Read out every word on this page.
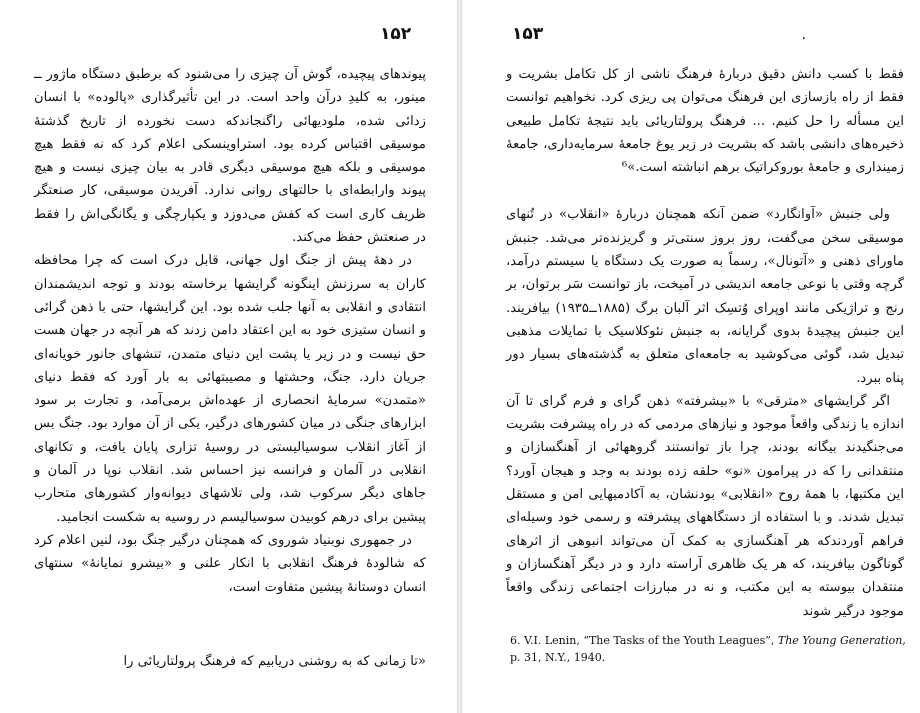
۱۵۲

پیوندهای پیچیده، گوش آن چیزی را می‌شنود که برطبق دستگاه ماژور ــ مینور، به کلیدِ درآن واحد است. در این تأثیرگذاری «پالوده» با انسان زدائی شده، ملودیهائی راگنجاندکه دست نخورده از تاریخ گذشتهٔ موسیقی اقتباس کرده بود. استراوینسکی اعلام کرد که نه فقط هیچ موسیقی و بلکه هیچ موسیقی دیگری قادر به بیان چیزی نیست و هیچ پیوند وارابطه‌ای با حالتهای روانی ندارد. آفریدن موسیقی، کار صنعتگر ظریف کاری است که کفش می‌دوزد و یکپارچگی و یگانگی‌اش را فقط در صنعتش حفظ می‌کند.

در دههٔ پیش از جنگ اول جهانی، قابل درک است که چرا محافظه کاران به سرزنش اینگونه گرایشها برخاسته بودند و توجه اندیشمندان انتقادی و انقلابی به آنها جلب شده بود. این گرایشها، حتی با ذهن گرائی و انسان ستیزی خود به این اعتقاد دامن زدند که هر آنچه در جهان هست حق نیست و در زیر یا پشت این دنیای متمدن، تنشهای جانور خویانه‌ای جریان دارد. جنگ، وحشتها و مصیبتهائی به بار آورد که فقط دنیای «متمدن» سرمایهٔ انحصاری از عهده‌اش برمی‌آمد، و تجارت بر سود ابزارهای جنگی در میان کشورهای درگیر، یکی از آن موارد بود. جنگ بس از آغاز انقلاب سوسیالیستی در روسیهٔ تزاری پایان یافت، و تکانهای انقلابی در آلمان و فرانسه نیز احساس شد. انقلاب نوپا در آلمان و جاهای دیگر سرکوب شد، ولی تلاشهای دیوانه‌وار کشورهای متحارب پیشین برای درهم کوبیدن سوسیالیسم در روسیه به شکست انجامید.

در جمهوری نوبنیاد شوروی که همچنان درگیر جنگ بود، لنین اعلام کرد که شالودهٔ فرهنگ انقلابی با انکار علنی و «بیشرو نمایانهٔ» سنتهای انسان دوستانهٔ پیشین متفاوت است،

«تا زمانی که به روشنی دریابیم که فرهنگ پرولتاریائی را
۱۵۳	٠

فقط با کسب دانش دقیق دربارهٔ فرهنگ ناشی از کل تکامل بشریت و فقط از راه بازسازی این فرهنگ می‌توان پی ریزی کرد. نخواهیم توانست این مسأله را حل کنیم. ... فرهنگ پرولتاریائی باید نتیجهٔ تکامل طبیعی ذخیره‌های دانشی باشد که بشریت در زیر یوغ جامعهٔ سرمایه‌داری، جامعهٔ زمینداری و جامعهٔ بوروکراتیک برهم انباشته است.»⁶

ولی جنبش «آوانگارد» ضمن آنکه همچنان دربارهٔ «انقلاب» در تُنهای موسیقی سخن می‌گفت، روز بروز سنتی‌تر و گریزنده‌تر می‌شد. جنبش ماورای ذهنی و «آتونال»، رسماً به صورت یک دستگاه یا سیستم درآمد، گرچه وقتی با نوعی جامعه اندیشی در آمیخت، باز توانست سَر برتوان، بر رنج و تراژیکی مانند اوپرای وُتسِک اثر آلبان برگ (۱۸۸۵ــ۱۹۳۵) بیافریند. این جنبش پیچیدهٔ بدوی گرایانه، به جنبش نئوکلاسیک با تمایلات مذهبی تبدیل شد، گوئی می‌کوشید به جامعه‌ای متعلق به گذشته‌های بسیار دور پناه ببرد.

اگر گرایشهای «مترقی» با «بیشرفته» ذهن گرای و فرم گرای تا آن اندازه با زندگی واقعاً موجود و نیازهای مردمی که در راه پیشرفت بشریت می‌جنگیدند بیگانه بودند، چرا باز توانستند گروههائی از آهنگسازان و منتقدانی را که در پیرامون «نو» حلقه زده بودند به وجد و هیجان آورد؟ این مکتبها، با همهٔ روح «انقلابی» بودنشان، به آکادمیهایی امن و مستقل تبدیل شدند. و با استفاده از دستگاههای پیشرفته و رسمی خود وسیله‌ای فراهم آوردندکه هر آهنگسازی به کمک آن می‌تواند انبوهی از اثرهای گوناگون بیافریند، که هر یک ظاهری آراسته دارد و در دیگر آهنگسازان و منتقدان بیوسته به این مکتب، و نه در مبارزات اجتماعی زندگی واقعاً موجود درگیر شوند

6. V.I. Lenin, “The Tasks of the Youth Leagues”, The Young Generation, p. 31, N.Y., 1940.
